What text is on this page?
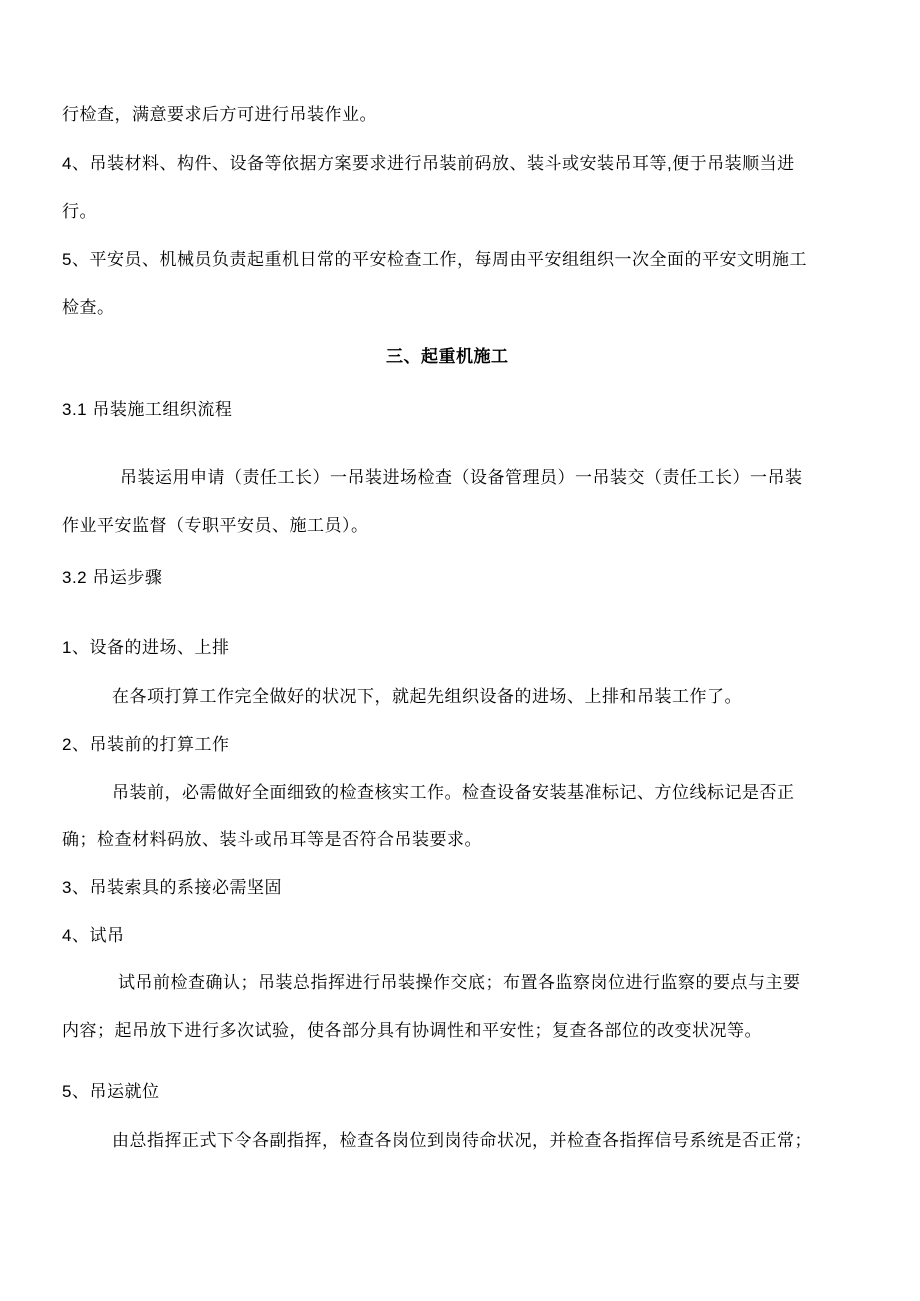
行检查，满意要求后方可进行吊装作业。
4、吊装材料、构件、设备等依据方案要求进行吊装前码放、装斗或安装吊耳等,便于吊装顺当进
行。
5、平安员、机械员负责起重机日常的平安检查工作，每周由平安组组织一次全面的平安文明施工
检查。
三、起重机施工
3.1 吊装施工组织流程
吊装运用申请（责任工长）一吊装进场检查（设备管理员）一吊装交（责任工长）一吊装
作业平安监督（专职平安员、施工员）。
3.2 吊运步骤
1、设备的进场、上排
在各项打算工作完全做好的状况下，就起先组织设备的进场、上排和吊装工作了。
2、吊装前的打算工作
吊装前，必需做好全面细致的检查核实工作。检查设备安装基准标记、方位线标记是否正
确；检查材料码放、装斗或吊耳等是否符合吊装要求。
3、吊装索具的系接必需坚固
4、试吊
试吊前检查确认；吊装总指挥进行吊装操作交底；布置各监察岗位进行监察的要点与主要
内容；起吊放下进行多次试验，使各部分具有协调性和平安性；复查各部位的改变状况等。
5、吊运就位
由总指挥正式下令各副指挥，检查各岗位到岗待命状况，并检查各指挥信号系统是否正常；
